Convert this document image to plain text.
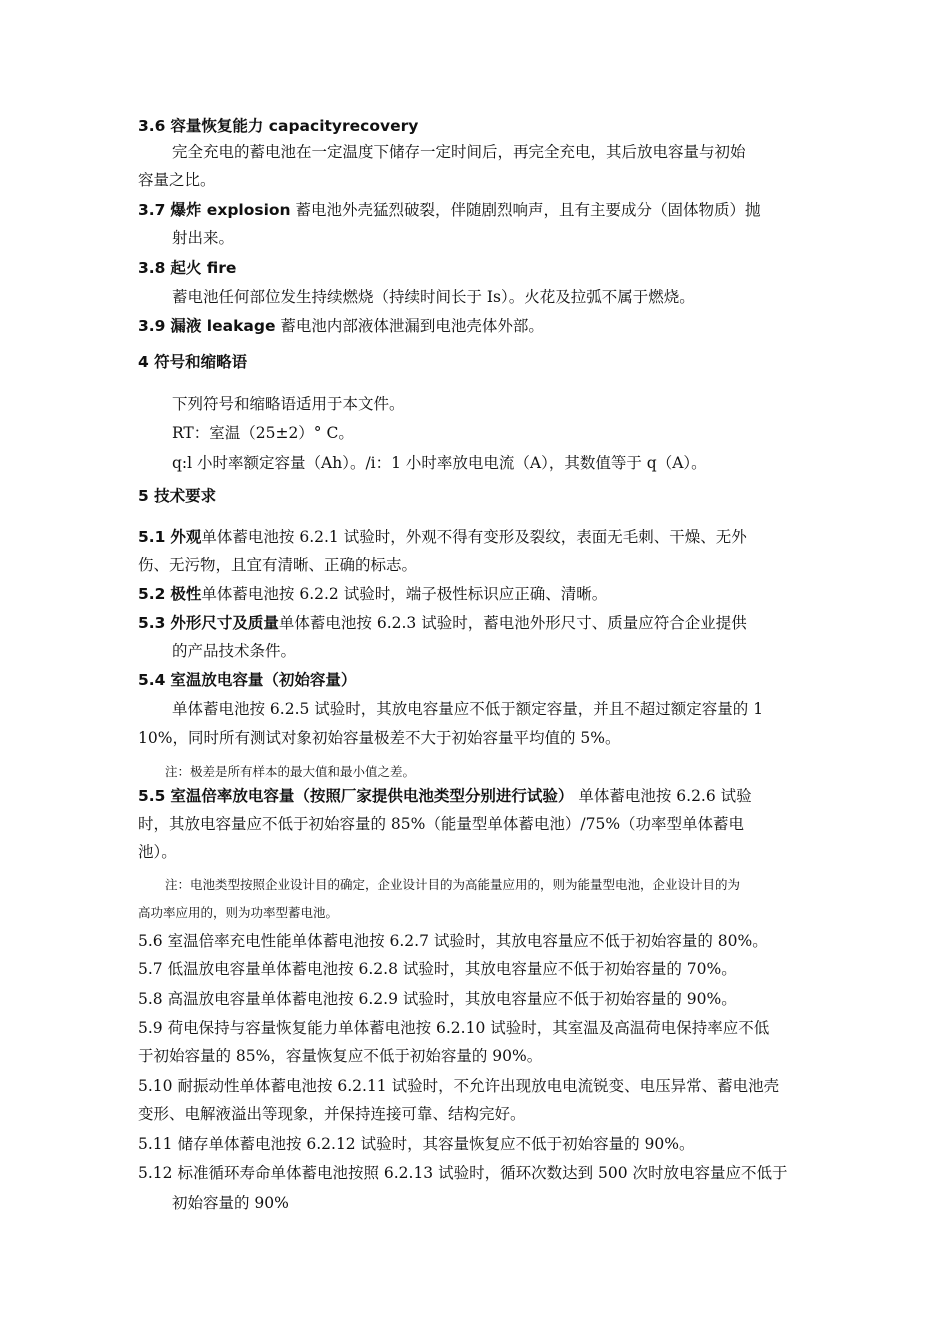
3.6 容量恢复能力 capacityrecovery
完全充电的蓄电池在一定温度下储存一定时间后，再完全充电，其后放电容量与初始
容量之比。
3.7 爆炸 explosion 蓄电池外壳猛烈破裂，伴随剧烈响声，且有主要成分（固体物质）抛
射出来。
3.8 起火 fire
蓄电池任何部位发生持续燃烧（持续时间长于 Is）。火花及拉弧不属于燃烧。
3.9 漏液 leakage 蓄电池内部液体泄漏到电池壳体外部。
4 符号和缩略语
下列符号和缩略语适用于本文件。
RT：室温（25±2）° C。
q:l 小时率额定容量（Ah）。/i：1 小时率放电电流（A），其数值等于 q（A）。
5 技术要求
5.1 外观单体蓄电池按 6.2.1 试验时，外观不得有变形及裂纹，表面无毛刺、干燥、无外
伤、无污物，且宜有清晰、正确的标志。
5.2 极性单体蓄电池按 6.2.2 试验时，端子极性标识应正确、清晰。
5.3 外形尺寸及质量单体蓄电池按 6.2.3 试验时，蓄电池外形尺寸、质量应符合企业提供
的产品技术条件。
5.4 室温放电容量（初始容量）
单体蓄电池按 6.2.5 试验时，其放电容量应不低于额定容量，并且不超过额定容量的 1
10%，同时所有测试对象初始容量极差不大于初始容量平均值的 5%。
注：极差是所有样本的最大值和最小值之差。
5.5 室温倍率放电容量（按照厂家提供电池类型分别进行试验） 单体蓄电池按 6.2.6 试验
时，其放电容量应不低于初始容量的 85%（能量型单体蓄电池）/75%（功率型单体蓄电
池）。
注：电池类型按照企业设计目的确定，企业设计目的为高能量应用的，则为能量型电池，企业设计目的为
高功率应用的，则为功率型蓄电池。
5.6 室温倍率充电性能单体蓄电池按 6.2.7 试验时，其放电容量应不低于初始容量的 80%。
5.7 低温放电容量单体蓄电池按 6.2.8 试验时，其放电容量应不低于初始容量的 70%。
5.8 高温放电容量单体蓄电池按 6.2.9 试验时，其放电容量应不低于初始容量的 90%。
5.9 荷电保持与容量恢复能力单体蓄电池按 6.2.10 试验时，其室温及高温荷电保持率应不低
于初始容量的 85%，容量恢复应不低于初始容量的 90%。
5.10 耐振动性单体蓄电池按 6.2.11 试验时，不允许出现放电电流锐变、电压异常、蓄电池壳
变形、电解液溢出等现象，并保持连接可靠、结构完好。
5.11 储存单体蓄电池按 6.2.12 试验时，其容量恢复应不低于初始容量的 90%。
5.12 标准循环寿命单体蓄电池按照 6.2.13 试验时，循环次数达到 500 次时放电容量应不低于
初始容量的 90%
